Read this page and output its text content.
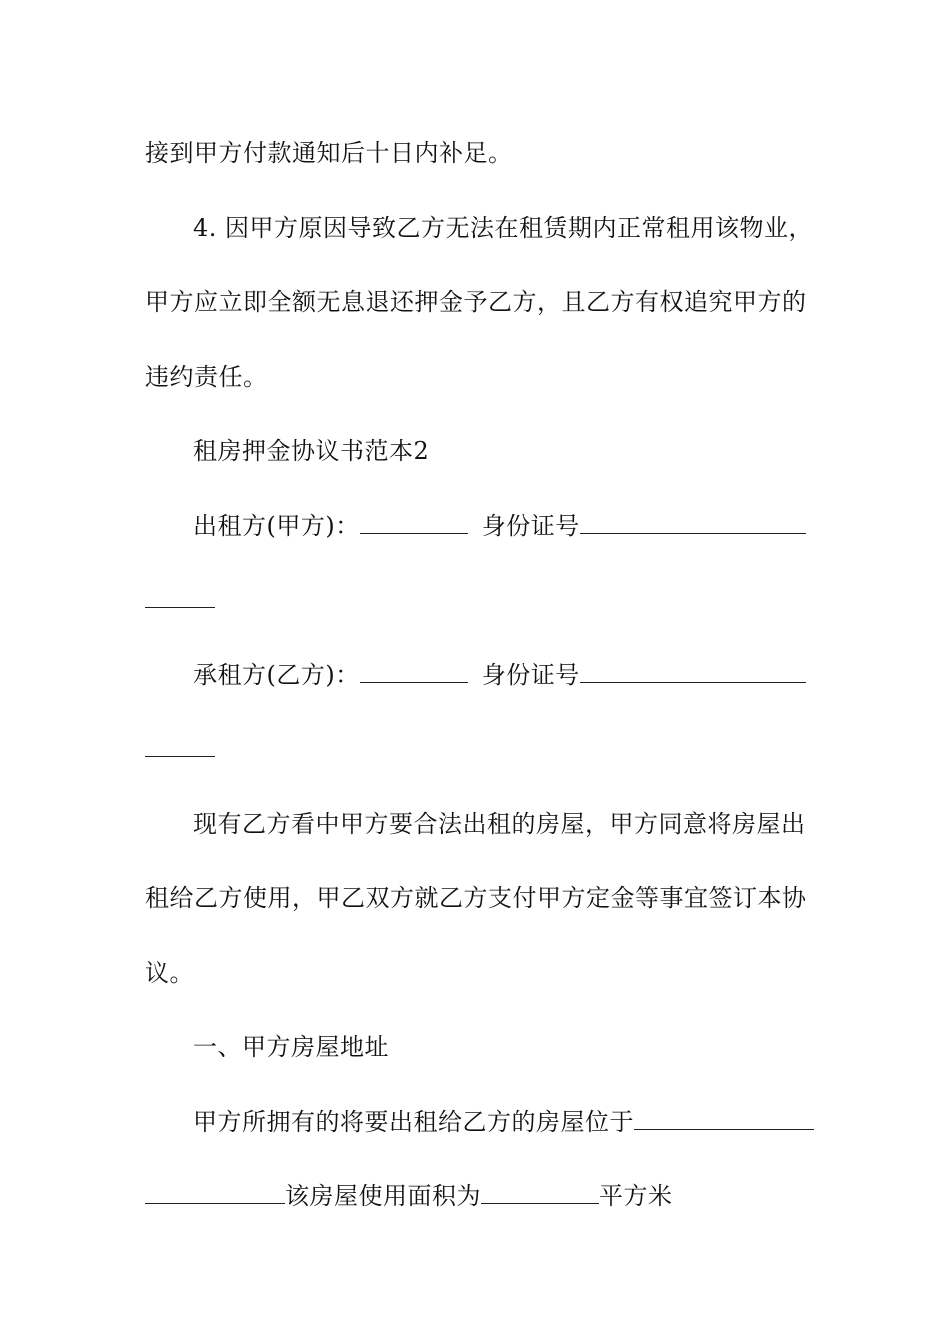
接到甲方付款通知后十日内补足。
4. 因甲方原因导致乙方无法在租赁期内正常租用该物业，
甲方应立即全额无息退还押金予乙方，且乙方有权追究甲方的
违约责任。
租房押金协议书范本2
出租方(甲方)：	身份证号
承租方(乙方)：	身份证号
现有乙方看中甲方要合法出租的房屋，甲方同意将房屋出
租给乙方使用，甲乙双方就乙方支付甲方定金等事宜签订本协
议。
一、甲方房屋地址
甲方所拥有的将要出租给乙方的房屋位于
该房屋使用面积为	平方米
